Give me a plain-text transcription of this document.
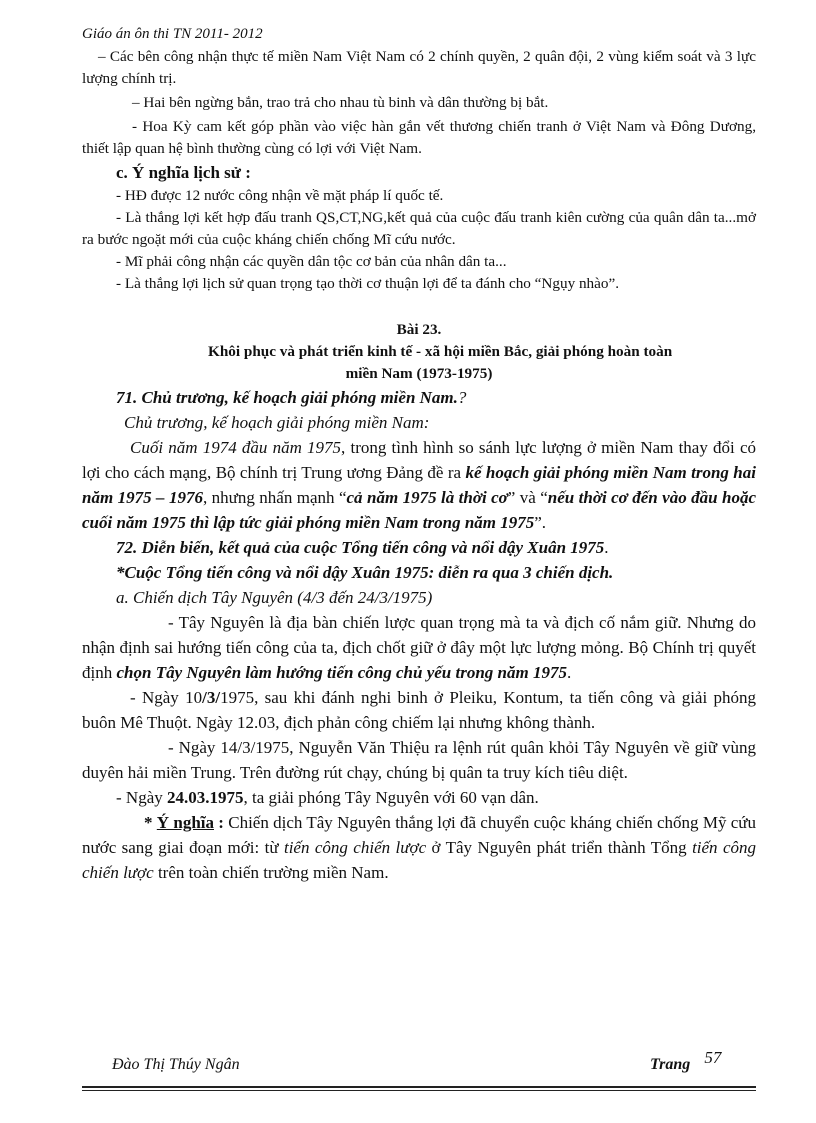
Giáo án ôn thi TN 2011- 2012

– Các bên công nhận thực tế miền Nam Việt Nam có 2 chính quyền, 2 quân đội, 2 vùng kiểm soát và 3 lực lượng chính trị.

– Hai bên ngừng bắn, trao trả cho nhau tù binh và dân thường bị bắt.

- Hoa Kỳ cam kết góp phần vào việc hàn gắn vết thương chiến tranh ở Việt Nam và Đông Dương, thiết lập quan hệ bình thường cùng có lợi với Việt Nam.

c. Ý nghĩa lịch sử :

- HĐ được 12 nước công nhận về mặt pháp lí quốc tế.

- Là thắng lợi kết hợp đấu tranh QS,CT,NG,kết quả của cuộc đấu tranh kiên cường của quân dân ta...mở ra bước ngoặt mới của cuộc kháng chiến chống Mĩ cứu nước.

- Mĩ phải công nhận các quyền dân tộc cơ bản của nhân dân ta...

- Là thắng lợi lịch sử quan trọng tạo thời cơ thuận lợi để ta đánh cho “Ngụy nhào”.

Bài 23.

Khôi phục và phát triển kinh tế - xã hội miền Bắc, giải phóng hoàn toàn

miền Nam (1973-1975)

71. Chủ trương, kế hoạch giải phóng miền Nam.?

Chủ trương, kế hoạch giải phóng miền Nam:

Cuối năm 1974 đầu năm 1975, trong tình hình so sánh lực lượng ở miền Nam thay đổi có lợi cho cách mạng, Bộ chính trị Trung ương Đảng đề ra kế hoạch giải phóng miền Nam trong hai năm 1975 – 1976, nhưng nhấn mạnh “cả năm 1975 là thời cơ” và “nếu thời cơ đến vào đầu hoặc cuối năm 1975 thì lập tức giải phóng miền Nam trong năm 1975”.

72. Diễn biến, kết quả của cuộc Tổng tiến công và nổi dậy Xuân 1975.

*Cuộc Tổng tiến công và nổi dậy Xuân 1975: diễn ra qua 3 chiến dịch.

a. Chiến dịch Tây Nguyên (4/3 đến 24/3/1975)

- Tây Nguyên là địa bàn chiến lược quan trọng mà ta và địch cố nắm giữ. Nhưng do nhận định sai hướng tiến công của ta, địch chốt giữ ở đây một lực lượng mỏng. Bộ Chính trị quyết định chọn Tây Nguyên làm hướng tiến công chủ yếu trong năm 1975.

- Ngày 10/3/1975, sau khi đánh nghi binh ở Pleiku, Kontum, ta tiến công và giải phóng buôn Mê Thuột. Ngày 12.03, địch phản công chiếm lại nhưng không thành.

- Ngày 14/3/1975, Nguyễn Văn Thiệu ra lệnh rút quân khỏi Tây Nguyên về giữ vùng duyên hải miền Trung. Trên đường rút chạy, chúng bị quân ta truy kích tiêu diệt.

- Ngày 24.03.1975, ta giải phóng Tây Nguyên với 60 vạn dân.

* Ý nghĩa : Chiến dịch Tây Nguyên thắng lợi đã chuyển cuộc kháng chiến chống Mỹ cứu nước sang giai đoạn mới: từ tiến công chiến lược ở Tây Nguyên phát triển thành Tổng tiến công chiến lược trên toàn chiến trường miền Nam.

Đào Thị Thúy Ngân	Trang 57
